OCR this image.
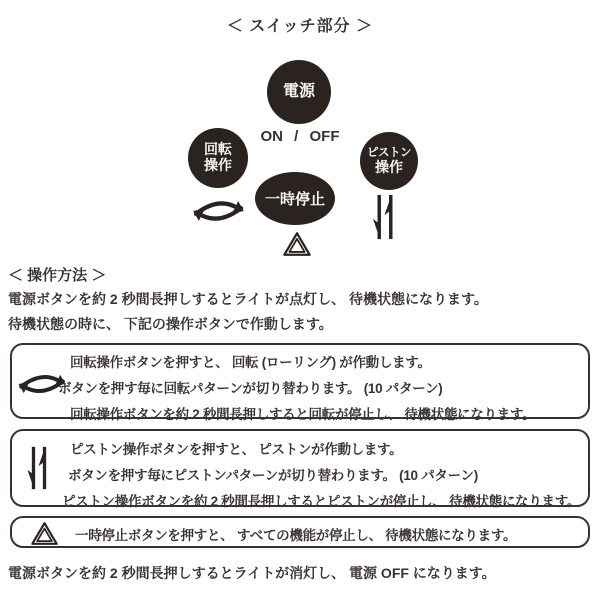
＜ スイッチ部分 ＞
電源
ON / OFF
回転
操作
ピストン
操作
一時停止
＜ 操作方法 ＞
電源ボタンを約 2 秒間長押しするとライトが点灯し、 待機状態になります。
待機状態の時に、 下記の操作ボタンで作動します。
回転操作ボタンを押すと、 回転 (ローリング) が作動します。
ボタンを押す毎に回転パターンが切り替わります。 (10 パターン)
回転操作ボタンを約 2 秒間長押しすると回転が停止し、 待機状態になります。
ピストン操作ボタンを押すと、 ピストンが作動します。
ボタンを押す毎にピストンパターンが切り替わります。 (10 パターン)
ピストン操作ボタンを約 2 秒間長押しするとピストンが停止し、 待機状態になります。
一時停止ボタンを押すと、 すべての機能が停止し、 待機状態になります。
電源ボタンを約 2 秒間長押しするとライトが消灯し、 電源 OFF になります。
